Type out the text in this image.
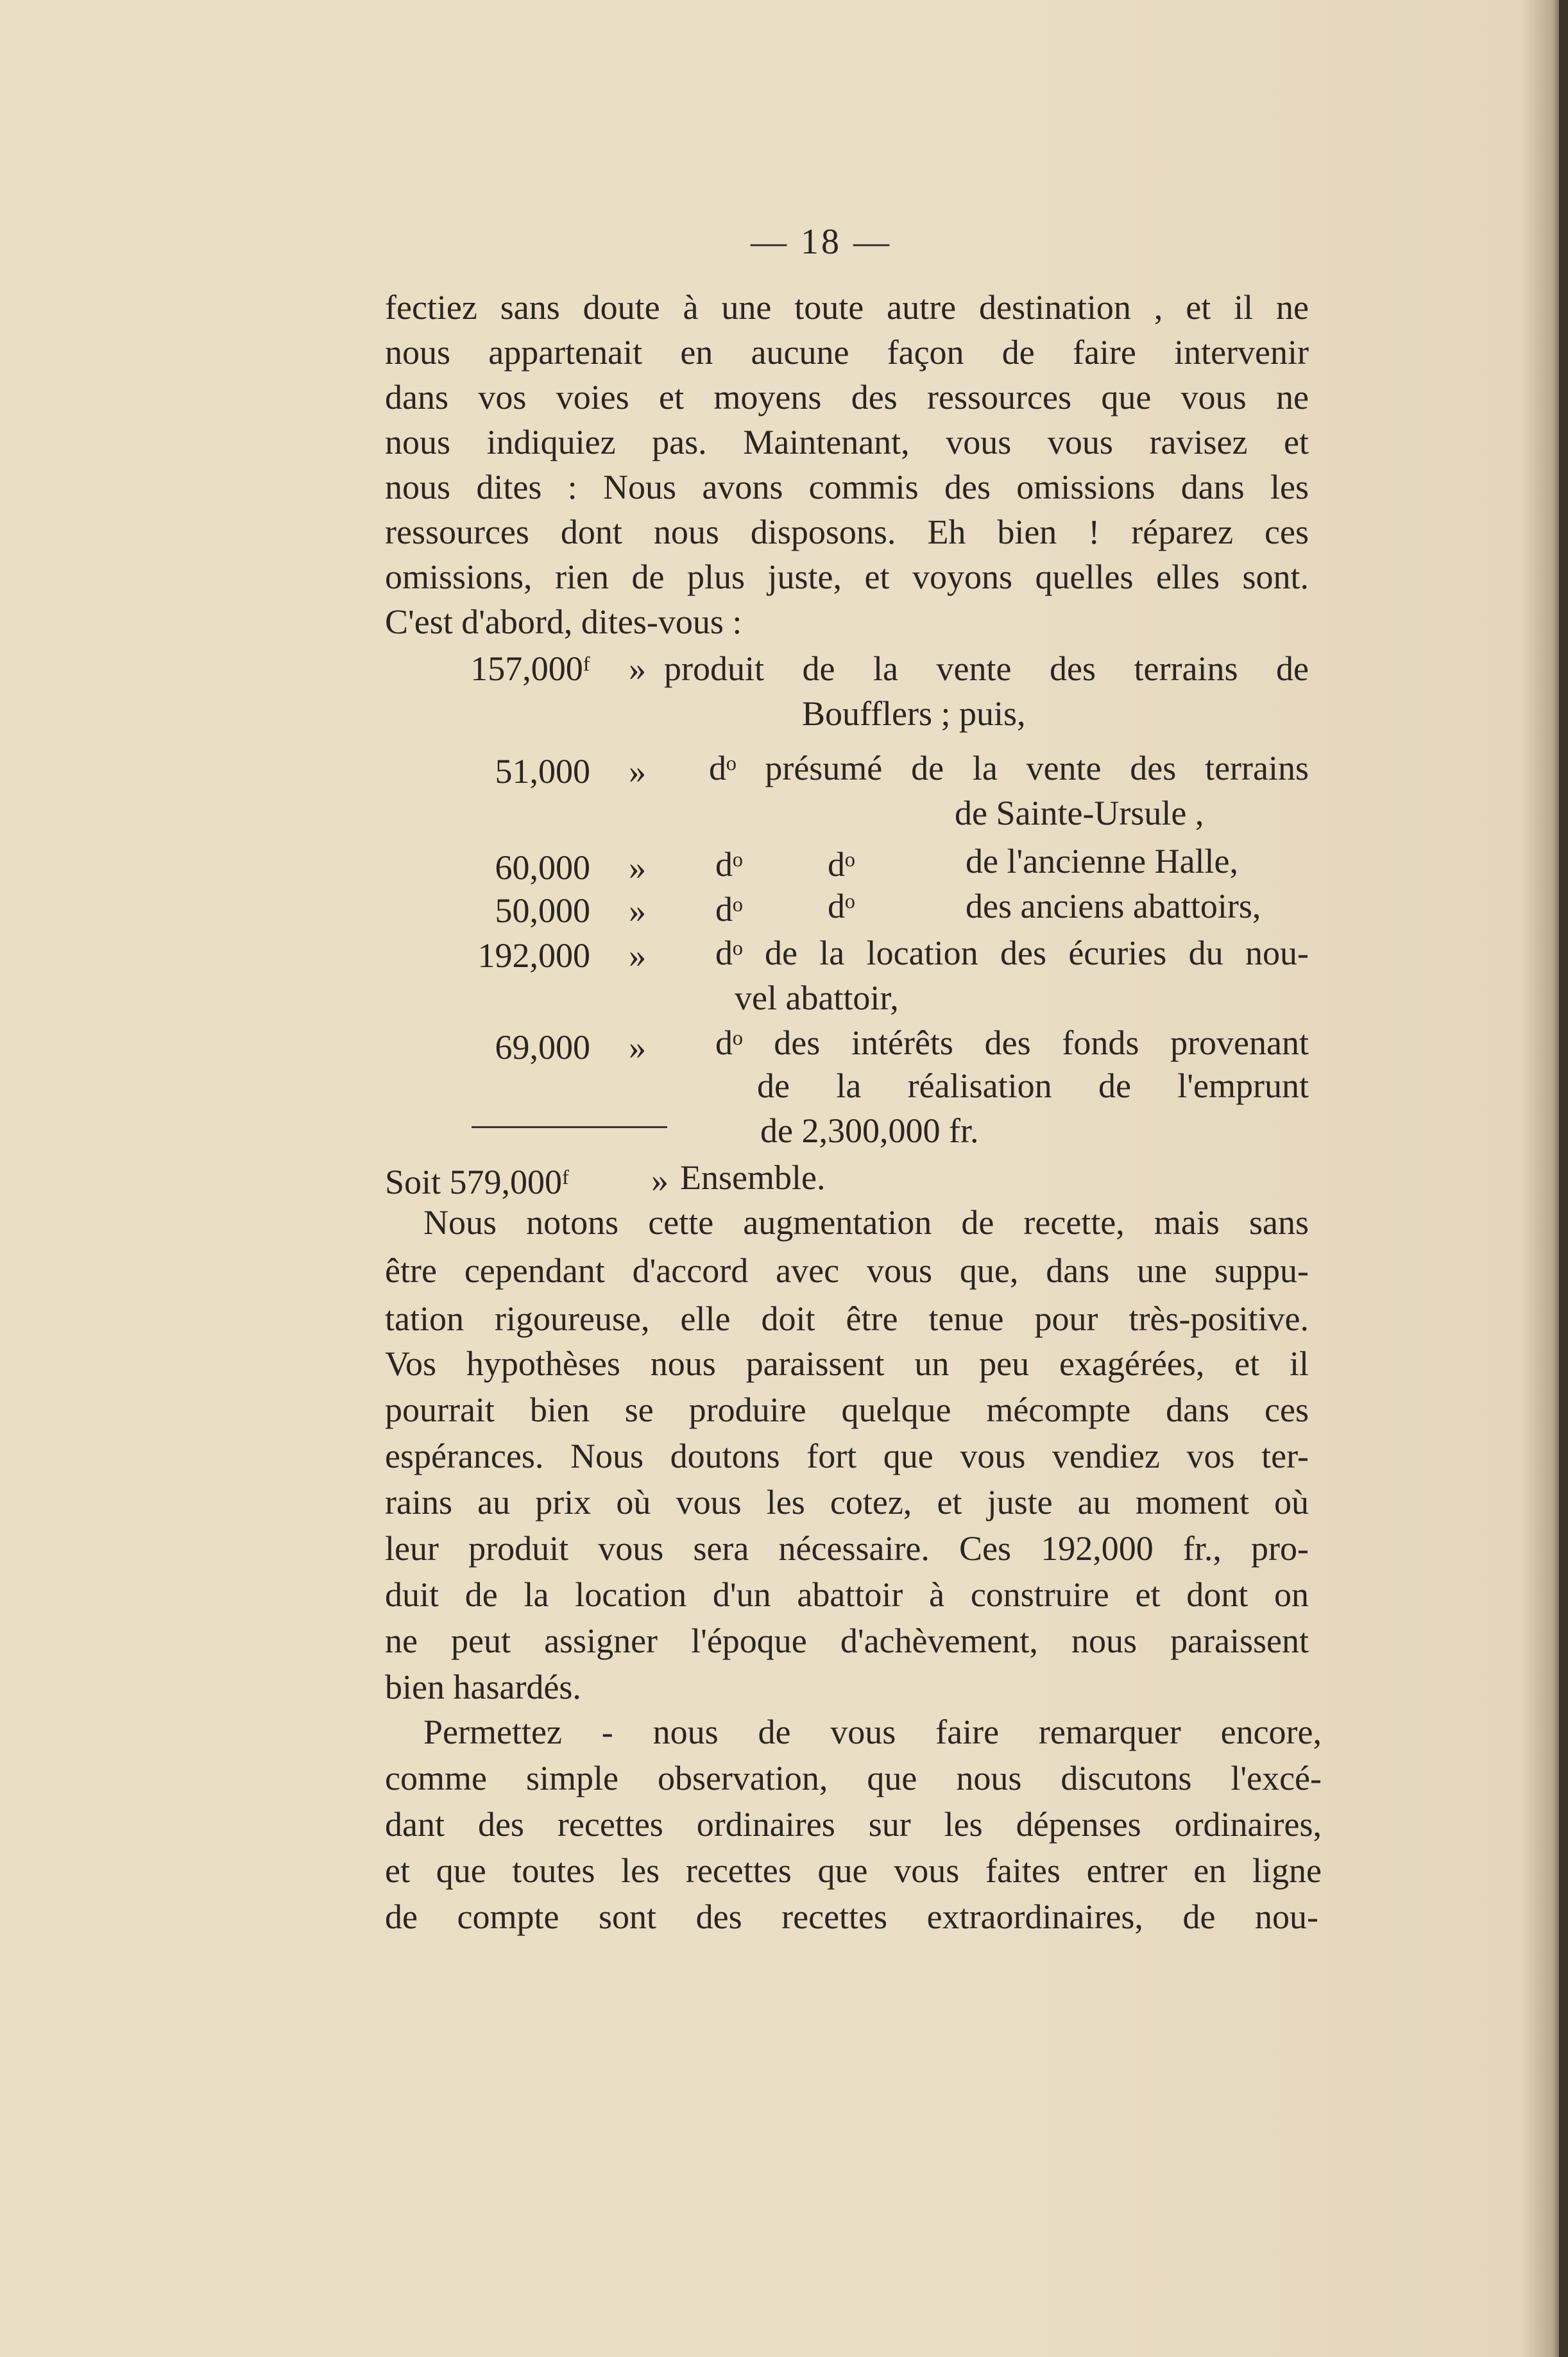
— 18 —
fectiez sans doute à une toute autre destination , et il ne
nous appartenait en aucune façon de faire intervenir
dans vos voies et moyens des ressources que vous ne
nous indiquiez pas. Maintenant, vous vous ravisez et
nous dites : Nous avons commis des omissions dans les
ressources dont nous disposons. Eh bien ! réparez ces
omissions, rien de plus juste, et voyons quelles elles sont.
C'est d'abord, dites-vous :
157,000ᶠ » produit de la vente des terrains de
Boufflers ; puis,
51,000 » dᵒ présumé de la vente des terrains
de Sainte-Ursule ,
60,000 » dᵒ dᵒ	de l'ancienne Halle,
50,000 » dᵒ dᵒ	des anciens abattoirs,
192,000 » dᵒ de la location des écuries du nou-
vel abattoir,
69,000 » dᵒ des intérêts des fonds provenant
de la réalisation de l'emprunt
de 2,300,000 fr.
Soit 579,000ᶠ » Ensemble.
Nous notons cette augmentation de recette, mais sans
être cependant d'accord avec vous que, dans une suppu-
tation rigoureuse, elle doit être tenue pour très-positive.
Vos hypothèses nous paraissent un peu exagérées, et il
pourrait bien se produire quelque mécompte dans ces
espérances. Nous doutons fort que vous vendiez vos ter-
rains au prix où vous les cotez, et juste au moment où
leur produit vous sera nécessaire. Ces 192,000 fr., pro-
duit de la location d'un abattoir à construire et dont on
ne peut assigner l'époque d'achèvement, nous paraissent
bien hasardés.
Permettez - nous de vous faire remarquer encore,
comme simple observation, que nous discutons l'excé-
dant des recettes ordinaires sur les dépenses ordinaires,
et que toutes les recettes que vous faites entrer en ligne
de compte sont des recettes extraordinaires, de nou-
